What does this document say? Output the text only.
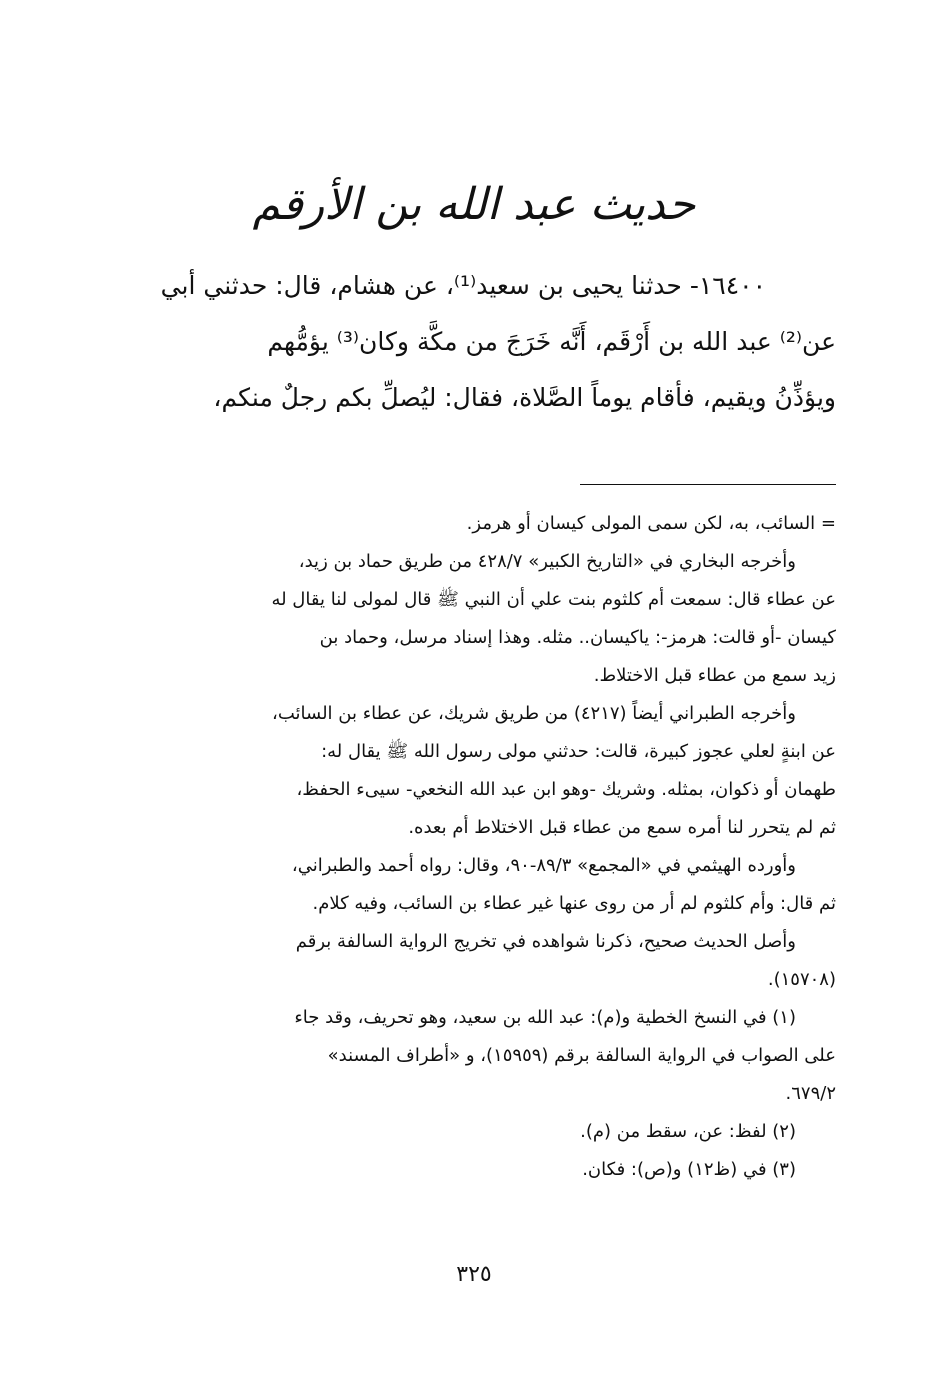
حديث عبد الله بن الأرقم
١٦٤٠٠- حدثنا يحيى بن سعيد⁽¹⁾، عن هشام، قال: حدثني أبي
عن⁽²⁾ عبد الله بن أَرْقَم، أَنَّه خَرَجَ من مكَّة وكان⁽³⁾ يؤمُّهم
ويؤذِّنُ ويقيم، فأقام يوماً الصَّلاة، فقال: ليُصلِّ بكم رجلٌ منكم،
= السائب، به، لكن سمى المولى كيسان أو هرمز.
وأخرجه البخاري في «التاريخ الكبير» ٤٢٨/٧ من طريق حماد بن زيد،
عن عطاء قال: سمعت أم كلثوم بنت علي أن النبي ﷺ قال لمولى لنا يقال له
كيسان -أو قالت: هرمز-: ياكيسان.. مثله. وهذا إسناد مرسل، وحماد بن
زيد سمع من عطاء قبل الاختلاط.
وأخرجه الطبراني أيضاً (٤٢١٧) من طريق شريك، عن عطاء بن السائب،
عن ابنةٍ لعلي عجوز كبيرة، قالت: حدثني مولى رسول الله ﷺ يقال له:
طهمان أو ذكوان، بمثله. وشريك -وهو ابن عبد الله النخعي- سيىء الحفظ،
ثم لم يتحرر لنا أمره سمع من عطاء قبل الاختلاط أم بعده.
وأورده الهيثمي في «المجمع» ٨٩/٣-٩٠، وقال: رواه أحمد والطبراني،
ثم قال: وأم كلثوم لم أر من روى عنها غير عطاء بن السائب، وفيه كلام.
وأصل الحديث صحيح، ذكرنا شواهده في تخريج الرواية السالفة برقم
(١٥٧٠٨).
(١) في النسخ الخطية و(م): عبد الله بن سعيد، وهو تحريف، وقد جاء
على الصواب في الرواية السالفة برقم (١٥٩٥٩)، و «أطراف المسند»
٦٧٩/٢.
(٢) لفظ: عن، سقط من (م).
(٣) في (ظ١٢) و(ص): فكان.
٣٢٥
